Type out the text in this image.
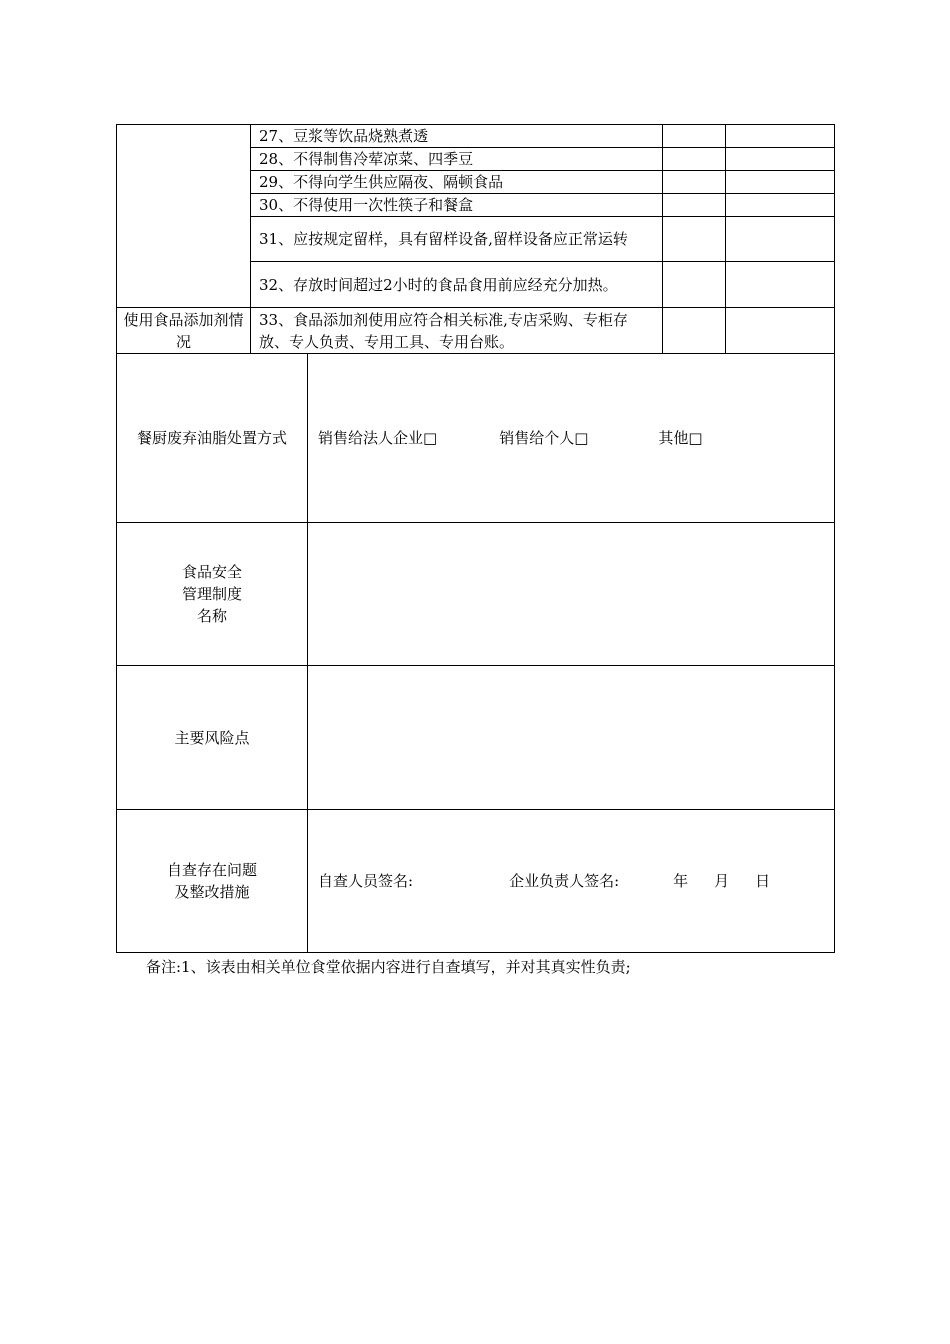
	27、豆浆等饮品烧熟煮透		
	28、不得制售冷荤凉菜、四季豆		
	29、不得向学生供应隔夜、隔顿食品		
	30、不得使用一次性筷子和餐盒		
	31、应按规定留样，具有留样设备,留样设备应正常运转		
	32、存放时间超过2小时的食品食用前应经充分加热。		
使用食品添加剂情况	33、食品添加剂使用应符合相关标准,专店采购、专柜存放、专人负责、专用工具、专用台账。		
餐厨废弃油脂处置方式	销售给法人企业□ 销售给个人□ 其他□

食品安全
管理制度
名称	

主要风险点	

自查存在问题
及整改措施	自查人员签名: 企业负责人签名: 年 月 日
备注:1、该表由相关单位食堂依据内容进行自查填写，并对其真实性负责;
